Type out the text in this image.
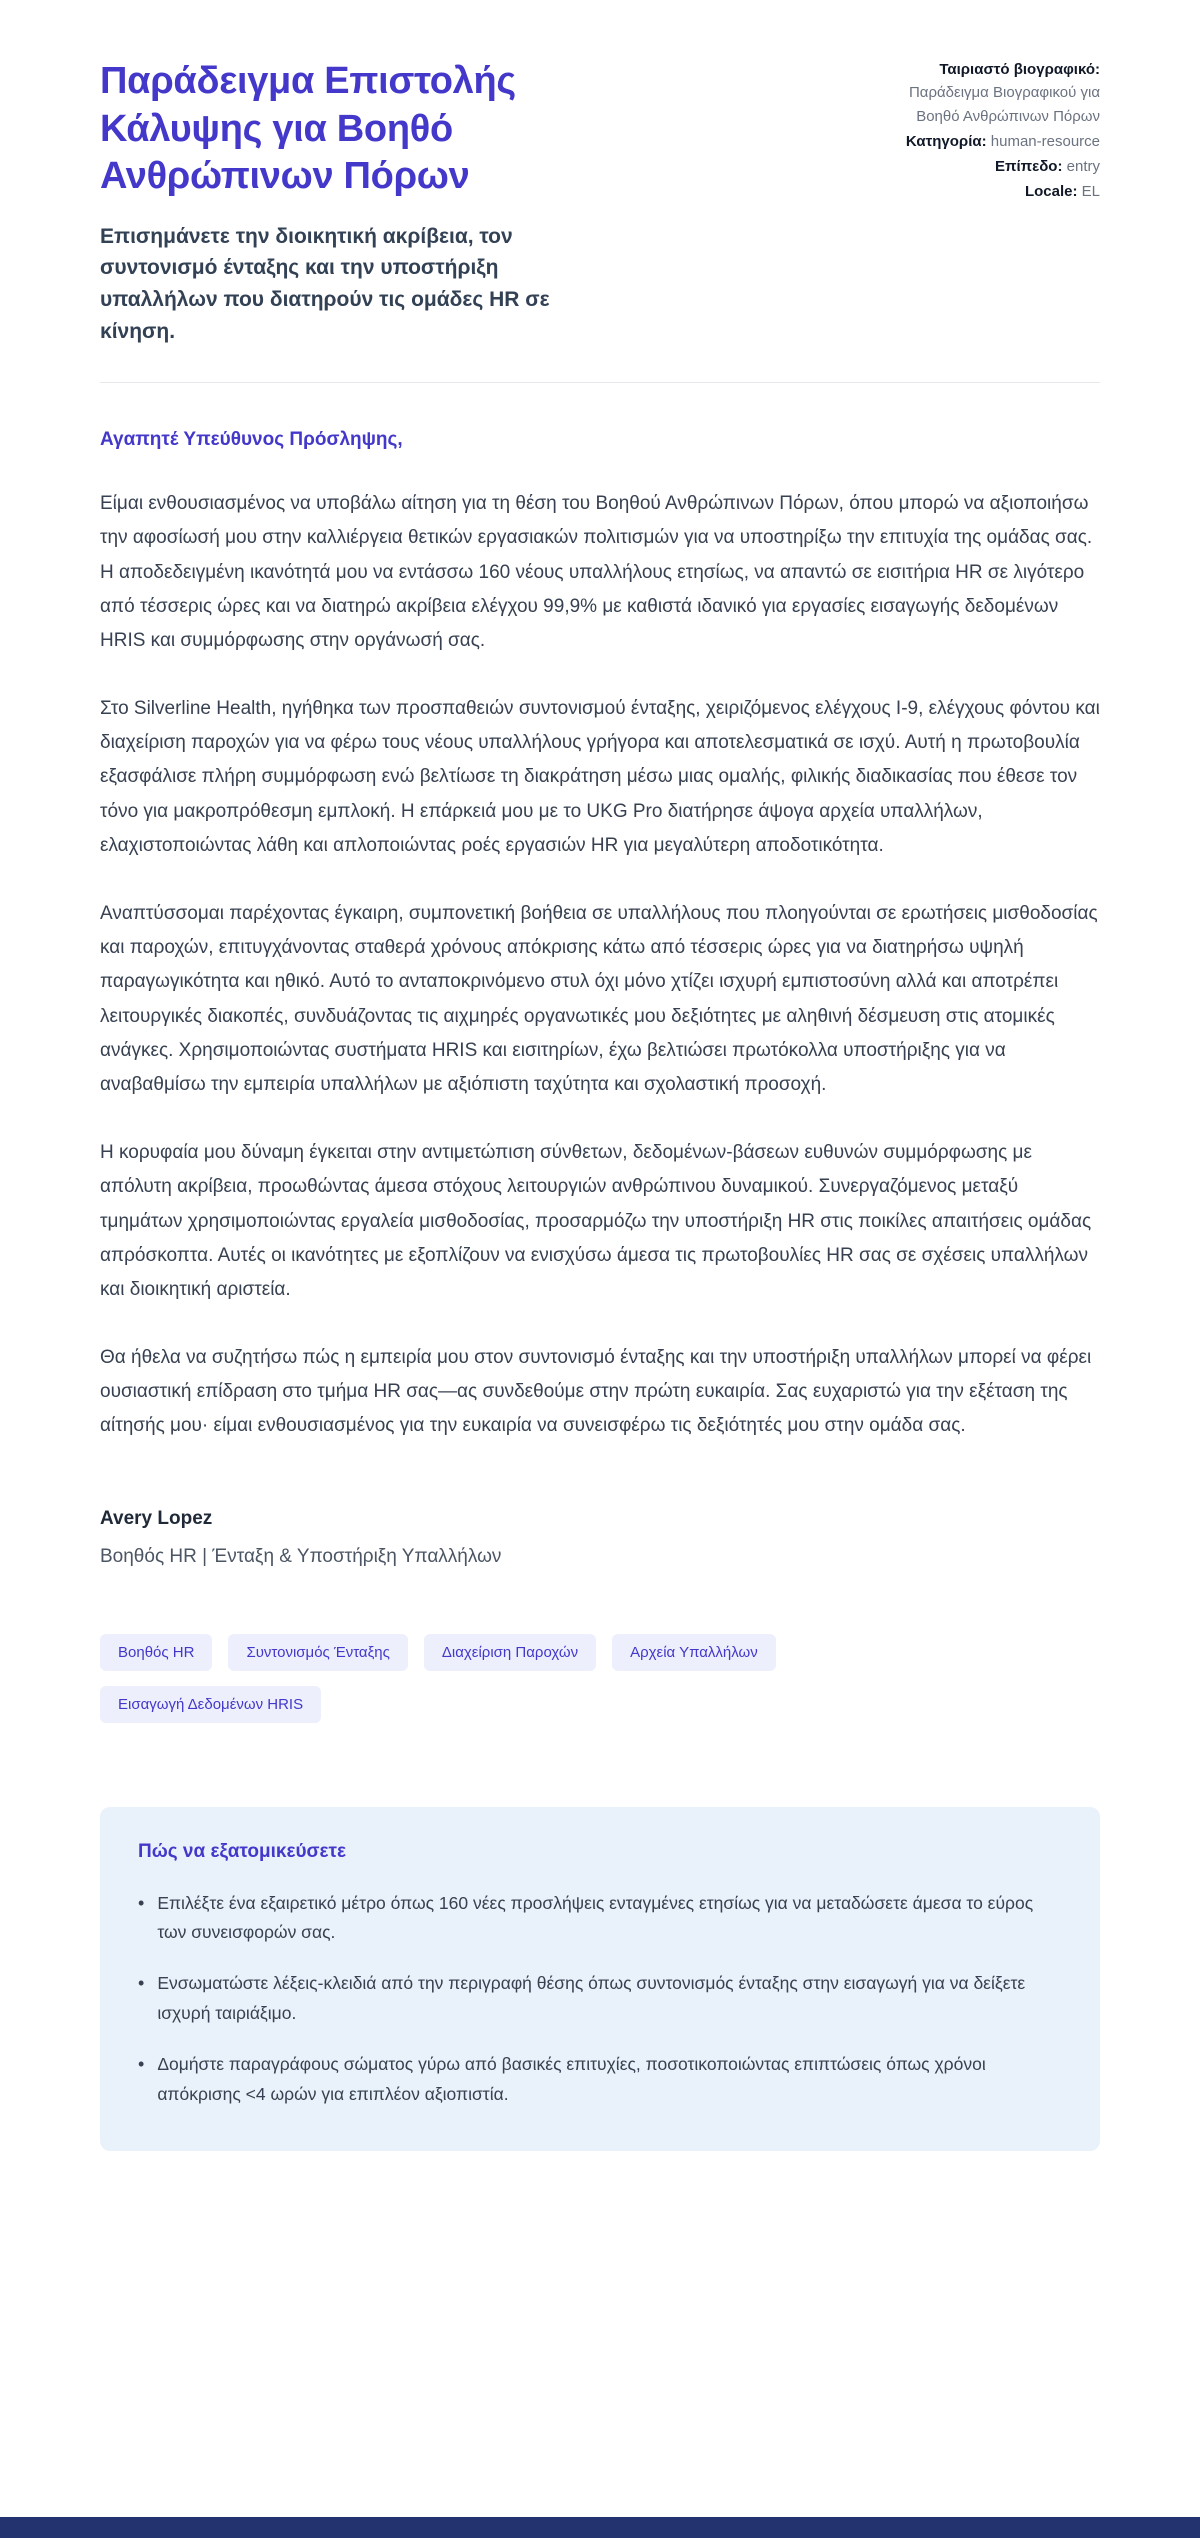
Παράδειγμα Επιστολής Κάλυψης για Βοηθό Ανθρώπινων Πόρων

Επισημάνετε την διοικητική ακρίβεια, τον συντονισμό ένταξης και την υποστήριξη υπαλλήλων που διατηρούν τις ομάδες HR σε κίνηση.

Ταιριαστό βιογραφικό:
Παράδειγμα Βιογραφικού για Βοηθό Ανθρώπινων Πόρων
Κατηγορία: human-resource
Επίπεδο: entry
Locale: EL

Αγαπητέ Υπεύθυνος Πρόσληψης,

Είμαι ενθουσιασμένος να υποβάλω αίτηση για τη θέση του Βοηθού Ανθρώπινων Πόρων, όπου μπορώ να αξιοποιήσω την αφοσίωσή μου στην καλλιέργεια θετικών εργασιακών πολιτισμών για να υποστηρίξω την επιτυχία της ομάδας σας. Η αποδεδειγμένη ικανότητά μου να εντάσσω 160 νέους υπαλλήλους ετησίως, να απαντώ σε εισιτήρια HR σε λιγότερο από τέσσερις ώρες και να διατηρώ ακρίβεια ελέγχου 99,9% με καθιστά ιδανικό για εργασίες εισαγωγής δεδομένων HRIS και συμμόρφωσης στην οργάνωσή σας.

Στο Silverline Health, ηγήθηκα των προσπαθειών συντονισμού ένταξης, χειριζόμενος ελέγχους I-9, ελέγχους φόντου και διαχείριση παροχών για να φέρω τους νέους υπαλλήλους γρήγορα και αποτελεσματικά σε ισχύ. Αυτή η πρωτοβουλία εξασφάλισε πλήρη συμμόρφωση ενώ βελτίωσε τη διακράτηση μέσω μιας ομαλής, φιλικής διαδικασίας που έθεσε τον τόνο για μακροπρόθεσμη εμπλοκή. Η επάρκειά μου με το UKG Pro διατήρησε άψογα αρχεία υπαλλήλων, ελαχιστοποιώντας λάθη και απλοποιώντας ροές εργασιών HR για μεγαλύτερη αποδοτικότητα.

Αναπτύσσομαι παρέχοντας έγκαιρη, συμπονετική βοήθεια σε υπαλλήλους που πλοηγούνται σε ερωτήσεις μισθοδοσίας και παροχών, επιτυγχάνοντας σταθερά χρόνους απόκρισης κάτω από τέσσερις ώρες για να διατηρήσω υψηλή παραγωγικότητα και ηθικό. Αυτό το ανταποκρινόμενο στυλ όχι μόνο χτίζει ισχυρή εμπιστοσύνη αλλά και αποτρέπει λειτουργικές διακοπές, συνδυάζοντας τις αιχμηρές οργανωτικές μου δεξιότητες με αληθινή δέσμευση στις ατομικές ανάγκες. Χρησιμοποιώντας συστήματα HRIS και εισιτηρίων, έχω βελτιώσει πρωτόκολλα υποστήριξης για να αναβαθμίσω την εμπειρία υπαλλήλων με αξιόπιστη ταχύτητα και σχολαστική προσοχή.

Η κορυφαία μου δύναμη έγκειται στην αντιμετώπιση σύνθετων, δεδομένων-βάσεων ευθυνών συμμόρφωσης με απόλυτη ακρίβεια, προωθώντας άμεσα στόχους λειτουργιών ανθρώπινου δυναμικού. Συνεργαζόμενος μεταξύ τμημάτων χρησιμοποιώντας εργαλεία μισθοδοσίας, προσαρμόζω την υποστήριξη HR στις ποικίλες απαιτήσεις ομάδας απρόσκοπτα. Αυτές οι ικανότητες με εξοπλίζουν να ενισχύσω άμεσα τις πρωτοβουλίες HR σας σε σχέσεις υπαλλήλων και διοικητική αριστεία.

Θα ήθελα να συζητήσω πώς η εμπειρία μου στον συντονισμό ένταξης και την υποστήριξη υπαλλήλων μπορεί να φέρει ουσιαστική επίδραση στο τμήμα HR σας—ας συνδεθούμε στην πρώτη ευκαιρία. Σας ευχαριστώ για την εξέταση της αίτησής μου· είμαι ενθουσιασμένος για την ευκαιρία να συνεισφέρω τις δεξιότητές μου στην ομάδα σας.

Avery Lopez

Βοηθός HR | Ένταξη & Υποστήριξη Υπαλλήλων

Βοηθός HR	Συντονισμός Ένταξης	Διαχείριση Παροχών	Αρχεία Υπαλλήλων
Εισαγωγή Δεδομένων HRIS
Πώς να εξατομικεύσετε
• Επιλέξτε ένα εξαιρετικό μέτρο όπως 160 νέες προσλήψεις ενταγμένες ετησίως για να μεταδώσετε άμεσα το εύρος των συνεισφορών σας.
• Ενσωματώστε λέξεις-κλειδιά από την περιγραφή θέσης όπως συντονισμός ένταξης στην εισαγωγή για να δείξετε ισχυρή ταιριάξιμο.
• Δομήστε παραγράφους σώματος γύρω από βασικές επιτυχίες, ποσοτικοποιώντας επιπτώσεις όπως χρόνοι απόκρισης <4 ωρών για επιπλέον αξιοπιστία.
